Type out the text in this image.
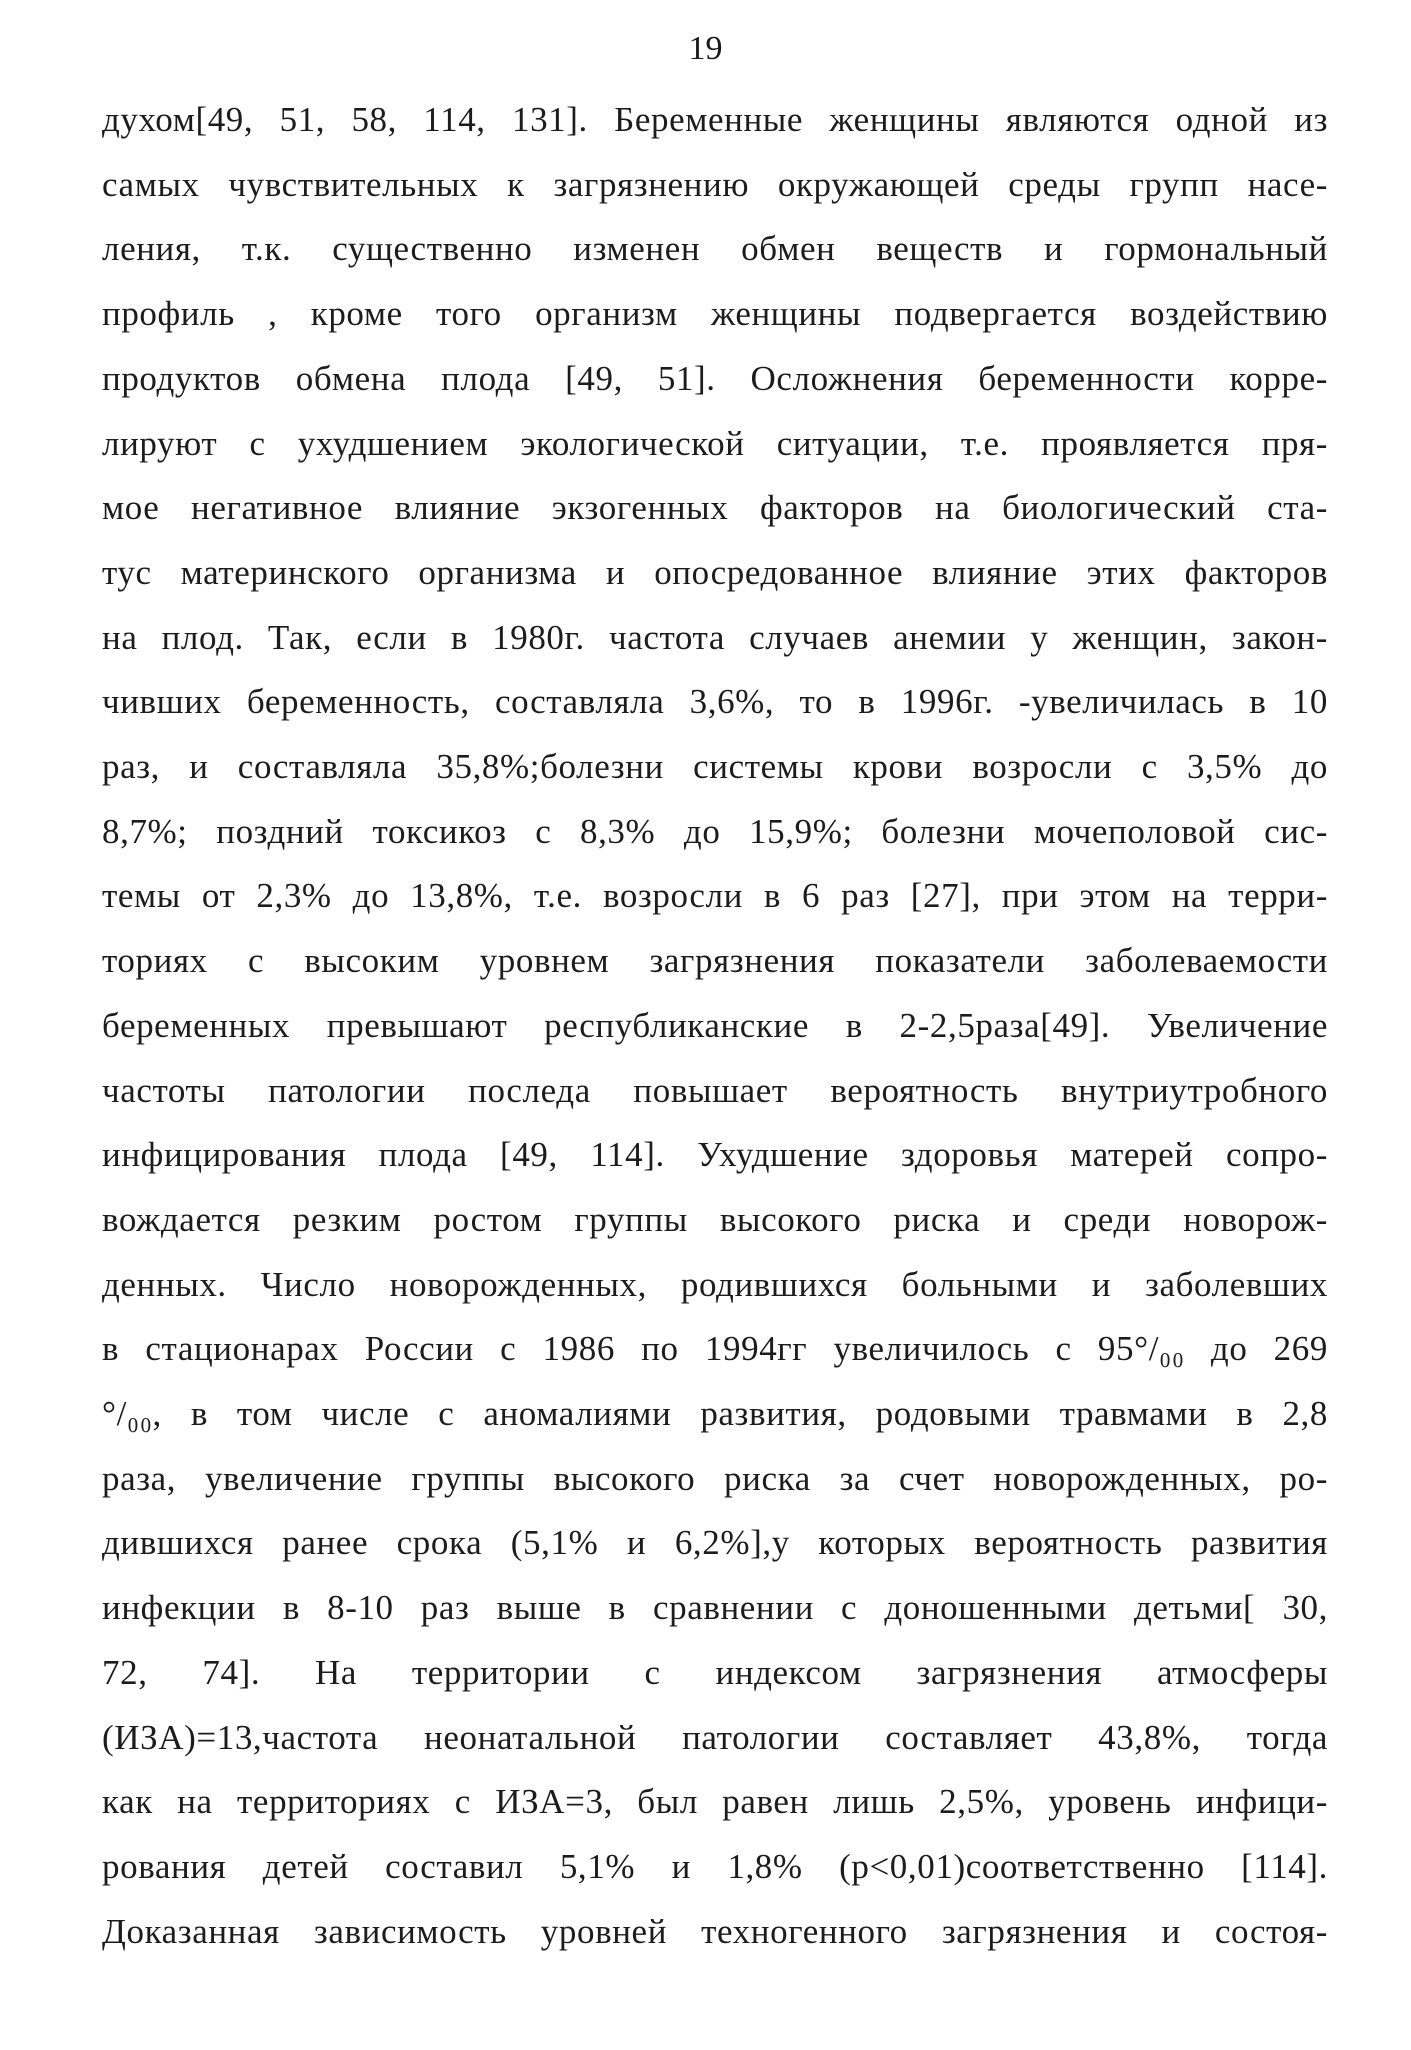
19
духом[49, 51, 58, 114, 131]. Беременные женщины являются одной из
самых чувствительных к загрязнению окружающей среды групп насе-
ления, т.к. существенно изменен обмен веществ и гормональный
профиль , кроме того организм женщины подвергается воздействию
продуктов обмена плода [49, 51]. Осложнения беременности корре-
лируют с ухудшением экологической ситуации, т.е. проявляется пря-
мое негативное влияние экзогенных факторов на биологический ста-
тус материнского организма и опосредованное влияние этих факторов
на плод. Так, если в 1980г. частота случаев анемии у женщин, закон-
чивших беременность, составляла 3,6%, то в 1996г. -увеличилась в 10
раз, и составляла 35,8%;болезни системы крови возросли с 3,5% до
8,7%; поздний токсикоз с 8,3% до 15,9%; болезни мочеполовой сис-
темы от 2,3% до 13,8%, т.е. возросли в 6 раз [27], при этом на терри-
ториях с высоким уровнем загрязнения показатели заболеваемости
беременных превышают республиканские в 2-2,5раза[49]. Увеличение
частоты патологии последа повышает вероятность внутриутробного
инфицирования плода [49, 114]. Ухудшение здоровья матерей сопро-
вождается резким ростом группы высокого риска и среди новорож-
денных. Число новорожденных, родившихся больными и заболевших
в стационарах России с 1986 по 1994гг увеличилось с 95°/₀₀ до 269
°/₀₀, в том числе с аномалиями развития, родовыми травмами в 2,8
раза, увеличение группы высокого риска за счет новорожденных, ро-
дившихся ранее срока (5,1% и 6,2%],у которых вероятность развития
инфекции в 8-10 раз выше в сравнении с доношенными детьми[ 30,
72, 74]. На территории с индексом загрязнения атмосферы
(ИЗА)=13,частота неонатальной патологии составляет 43,8%, тогда
как на территориях с ИЗА=3, был равен лишь 2,5%, уровень инфици-
рования детей составил 5,1% и 1,8% (р<0,01)соответственно [114].
Доказанная зависимость уровней техногенного загрязнения и состоя-
